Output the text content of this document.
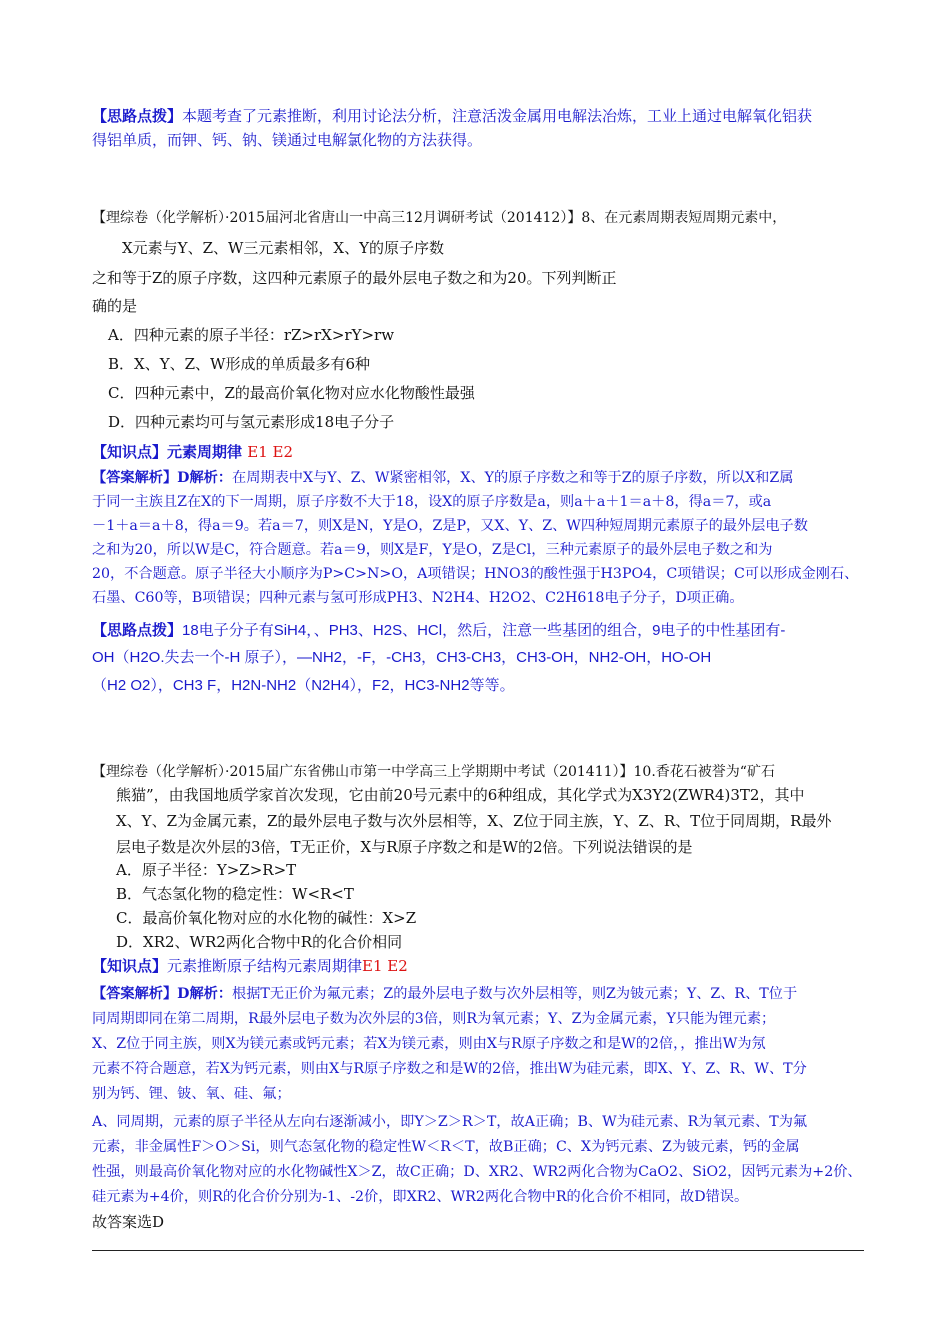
【思路点拨】本题考查了元素推断，利用讨论法分析，注意活泼金属用电解法冶炼，工业上通过电解氧化铝获
得铝单质，而钾、钙、钠、镁通过电解氯化物的方法获得。
【理综卷（化学解析）·2015届河北省唐山一中高三12月调研考试（201412）】8、在元素周期表短周期元素中，
X元素与Y、Z、W三元素相邻，X、Y的原子序数
之和等于Z的原子序数，这四种元素原子的最外层电子数之和为20。下列判断正
确的是
A．四种元素的原子半径：rZ>rX>rY>rw
B．X、Y、Z、W形成的单质最多有6种
C．四种元素中，Z的最高价氧化物对应水化物酸性最强
D．四种元素均可与氢元素形成18电子分子
【知识点】元素周期律 E1 E2
【答案解析】D解析：在周期表中X与Y、Z、W紧密相邻，X、Y的原子序数之和等于Z的原子序数，所以X和Z属
于同一主族且Z在X的下一周期，原子序数不大于18，设X的原子序数是a，则a＋a＋1＝a＋8，得a＝7，或a
－1＋a＝a＋8，得a＝9。若a＝7，则X是N，Y是O，Z是P，又X、Y、Z、W四种短周期元素原子的最外层电子数
之和为20，所以W是C，符合题意。若a＝9，则X是F，Y是O，Z是Cl，三种元素原子的最外层电子数之和为
20，不合题意。原子半径大小顺序为P>C>N>O，A项错误；HNO3的酸性强于H3PO4，C项错误；C可以形成金刚石、
石墨、C60等，B项错误；四种元素与氢可形成PH3、N2H4、H2O2、C2H618电子分子，D项正确。
【思路点拨】18电子分子有SiH4，、PH3、H2S、HCl，然后，注意一些基团的组合，9电子的中性基团有-
OH（H2O.失去一个-H 原子），—NH2，-F，-CH3，CH3-CH3，CH3-OH，NH2-OH，HO-OH
（H2 O2），CH3 F，H2N-NH2（N2H4），F2，HC3-NH2等等。
【理综卷（化学解析）·2015届广东省佛山市第一中学高三上学期期中考试（201411）】10.香花石被誉为“矿石
熊猫”，由我国地质学家首次发现，它由前20号元素中的6种组成，其化学式为X3Y2(ZWR4)3T2，其中
X、Y、Z为金属元素，Z的最外层电子数与次外层相等，X、Z位于同主族，Y、Z、R、T位于同周期，R最外
层电子数是次外层的3倍，T无正价，X与R原子序数之和是W的2倍。下列说法错误的是
A．原子半径：Y>Z>R>T
B．气态氢化物的稳定性：W<R<T
C．最高价氧化物对应的水化物的碱性：X>Z
D．XR2、WR2两化合物中R的化合价相同
【知识点】元素推断原子结构元素周期律E1 E2
【答案解析】D解析：根据T无正价为氟元素；Z的最外层电子数与次外层相等，则Z为铍元素；Y、Z、R、T位于
同周期即同在第二周期，R最外层电子数为次外层的3倍，则R为氧元素；Y、Z为金属元素，Y只能为锂元素；
X、Z位于同主族，则X为镁元素或钙元素；若X为镁元素，则由X与R原子序数之和是W的2倍，，推出W为氖
元素不符合题意，若X为钙元素，则由X与R原子序数之和是W的2倍，推出W为硅元素，即X、Y、Z、R、W、T分
别为钙、锂、铍、氧、硅、氟；
A、同周期，元素的原子半径从左向右逐渐减小，即Y＞Z＞R＞T，故A正确；B、W为硅元素、R为氧元素、T为氟
元素，非金属性F＞O＞Si，则气态氢化物的稳定性W＜R＜T，故B正确；C、X为钙元素、Z为铍元素，钙的金属
性强，则最高价氧化物对应的水化物碱性X＞Z，故C正确；D、XR2、WR2两化合物为CaO2、SiO2，因钙元素为+2价、
硅元素为+4价，则R的化合价分别为-1、-2价，即XR2、WR2两化合物中R的化合价不相同，故D错误。
故答案选D
